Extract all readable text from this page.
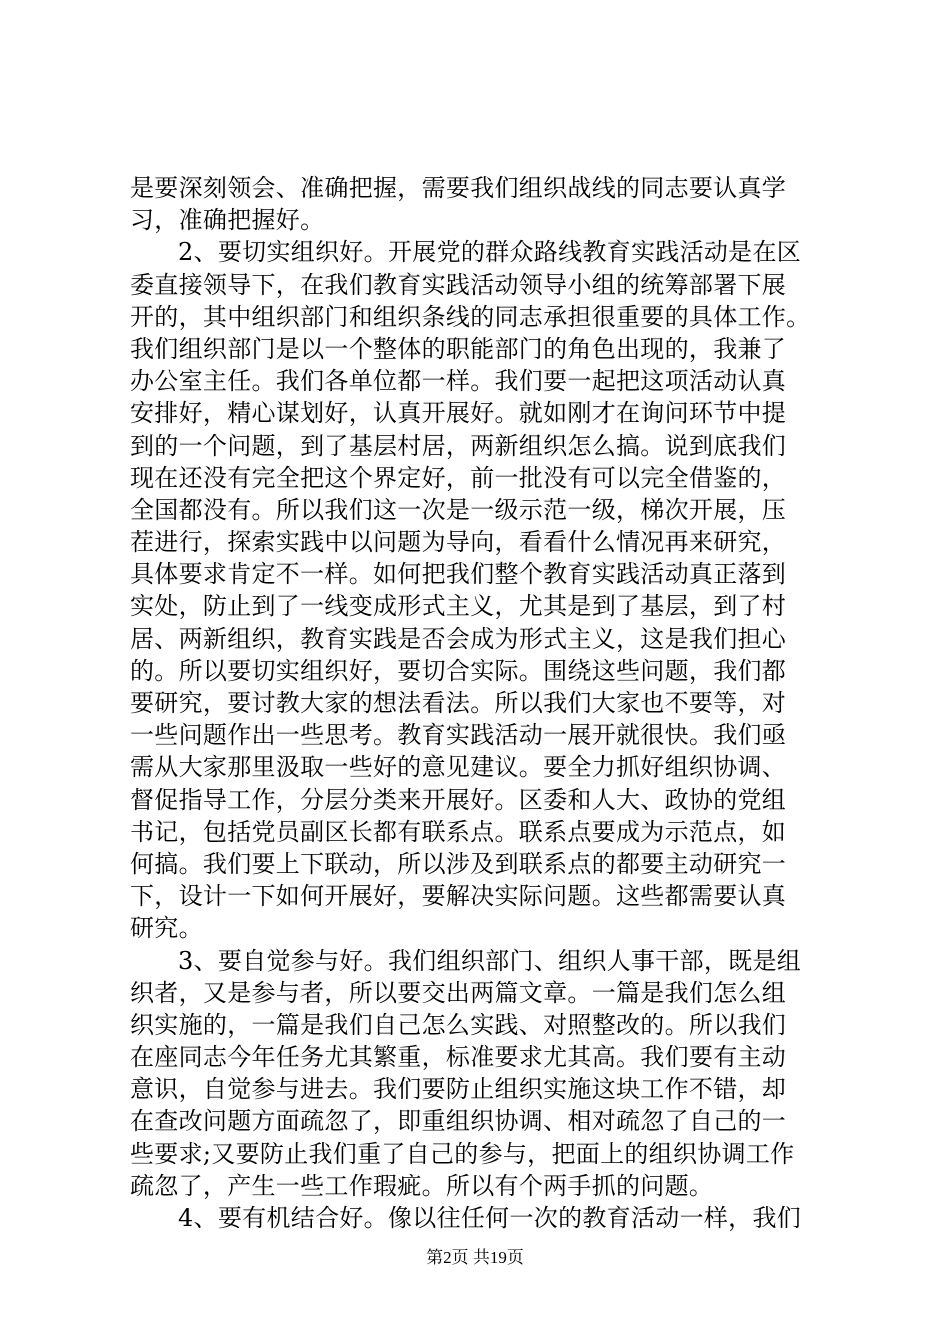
是要深刻领会、准确把握，需要我们组织战线的同志要认真学
习，准确把握好。
2、要切实组织好。开展党的群众路线教育实践活动是在区
委直接领导下，在我们教育实践活动领导小组的统筹部署下展
开的，其中组织部门和组织条线的同志承担很重要的具体工作。
我们组织部门是以一个整体的职能部门的角色出现的，我兼了
办公室主任。我们各单位都一样。我们要一起把这项活动认真
安排好，精心谋划好，认真开展好。就如刚才在询问环节中提
到的一个问题，到了基层村居，两新组织怎么搞。说到底我们
现在还没有完全把这个界定好，前一批没有可以完全借鉴的，
全国都没有。所以我们这一次是一级示范一级，梯次开展，压
茬进行，探索实践中以问题为导向，看看什么情况再来研究，
具体要求肯定不一样。如何把我们整个教育实践活动真正落到
实处，防止到了一线变成形式主义，尤其是到了基层，到了村
居、两新组织，教育实践是否会成为形式主义，这是我们担心
的。所以要切实组织好，要切合实际。围绕这些问题，我们都
要研究，要讨教大家的想法看法。所以我们大家也不要等，对
一些问题作出一些思考。教育实践活动一展开就很快。我们亟
需从大家那里汲取一些好的意见建议。要全力抓好组织协调、
督促指导工作，分层分类来开展好。区委和人大、政协的党组
书记，包括党员副区长都有联系点。联系点要成为示范点，如
何搞。我们要上下联动，所以涉及到联系点的都要主动研究一
下，设计一下如何开展好，要解决实际问题。这些都需要认真
研究。
3、要自觉参与好。我们组织部门、组织人事干部，既是组
织者，又是参与者，所以要交出两篇文章。一篇是我们怎么组
织实施的，一篇是我们自己怎么实践、对照整改的。所以我们
在座同志今年任务尤其繁重，标准要求尤其高。我们要有主动
意识，自觉参与进去。我们要防止组织实施这块工作不错，却
在查改问题方面疏忽了，即重组织协调、相对疏忽了自己的一
些要求;又要防止我们重了自己的参与，把面上的组织协调工作
疏忽了，产生一些工作瑕疵。所以有个两手抓的问题。
4、要有机结合好。像以往任何一次的教育活动一样，我们
第2页 共19页
